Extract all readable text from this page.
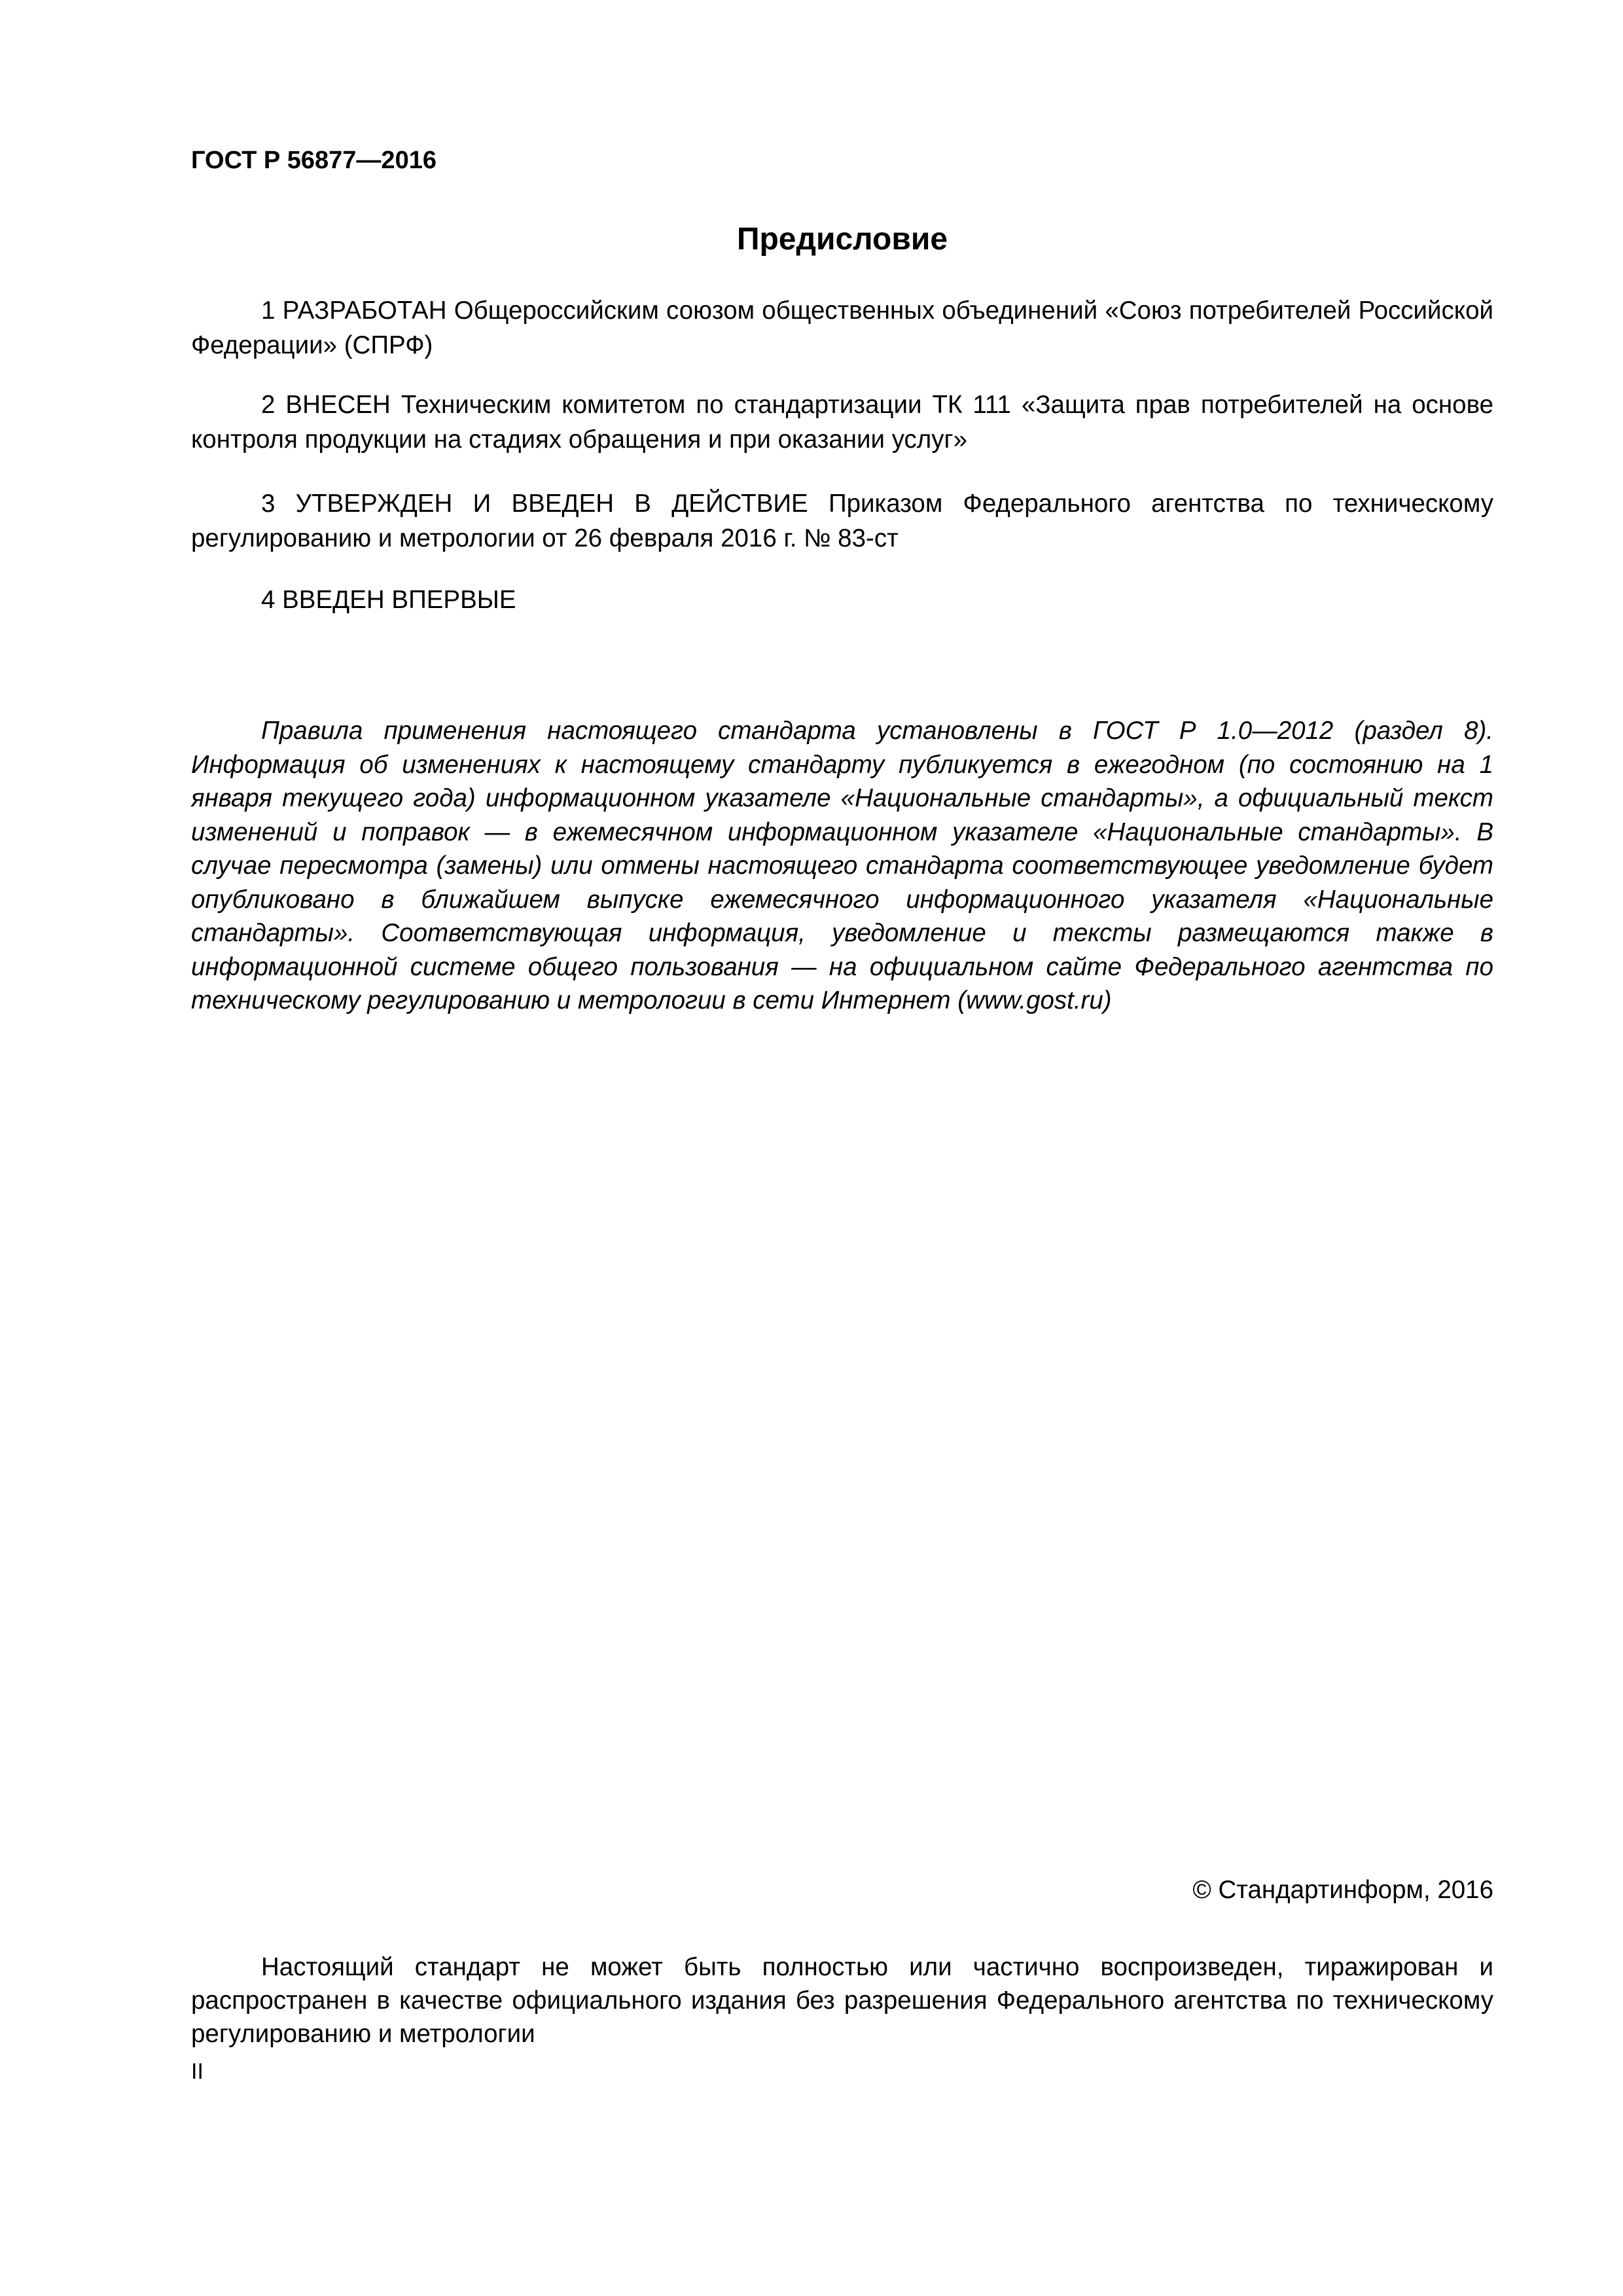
ГОСТ Р 56877—2016
Предисловие

1 РАЗРАБОТАН Общероссийским союзом общественных объединений «Союз потребителей Российской Федерации» (СПРФ)

2 ВНЕСЕН Техническим комитетом по стандартизации ТК 111 «Защита прав потребителей на основе контроля продукции на стадиях обращения и при оказании услуг»

3 УТВЕРЖДЕН И ВВЕДЕН В ДЕЙСТВИЕ Приказом Федерального агентства по техническому регулированию и метрологии от 26 февраля 2016 г. № 83-ст

4 ВВЕДЕН ВПЕРВЫЕ

Правила применения настоящего стандарта установлены в ГОСТ Р 1.0—2012 (раздел 8). Информация об изменениях к настоящему стандарту публикуется в ежегодном (по состоянию на 1 января текущего года) информационном указателе «Национальные стандарты», а официальный текст изменений и поправок — в ежемесячном информационном указателе «Национальные стандарты». В случае пересмотра (замены) или отмены настоящего стандарта соответствующее уведомление будет опубликовано в ближайшем выпуске ежемесячного информационного указателя «Национальные стандарты». Соответствующая информация, уведомление и тексты размещаются также в информационной системе общего пользования — на официальном сайте Федерального агентства по техническому регулированию и метрологии в сети Интернет (www.gost.ru)

© Стандартинформ, 2016

Настоящий стандарт не может быть полностью или частично воспроизведен, тиражирован и распространен в качестве официального издания без разрешения Федерального агентства по техническому регулированию и метрологии

II
